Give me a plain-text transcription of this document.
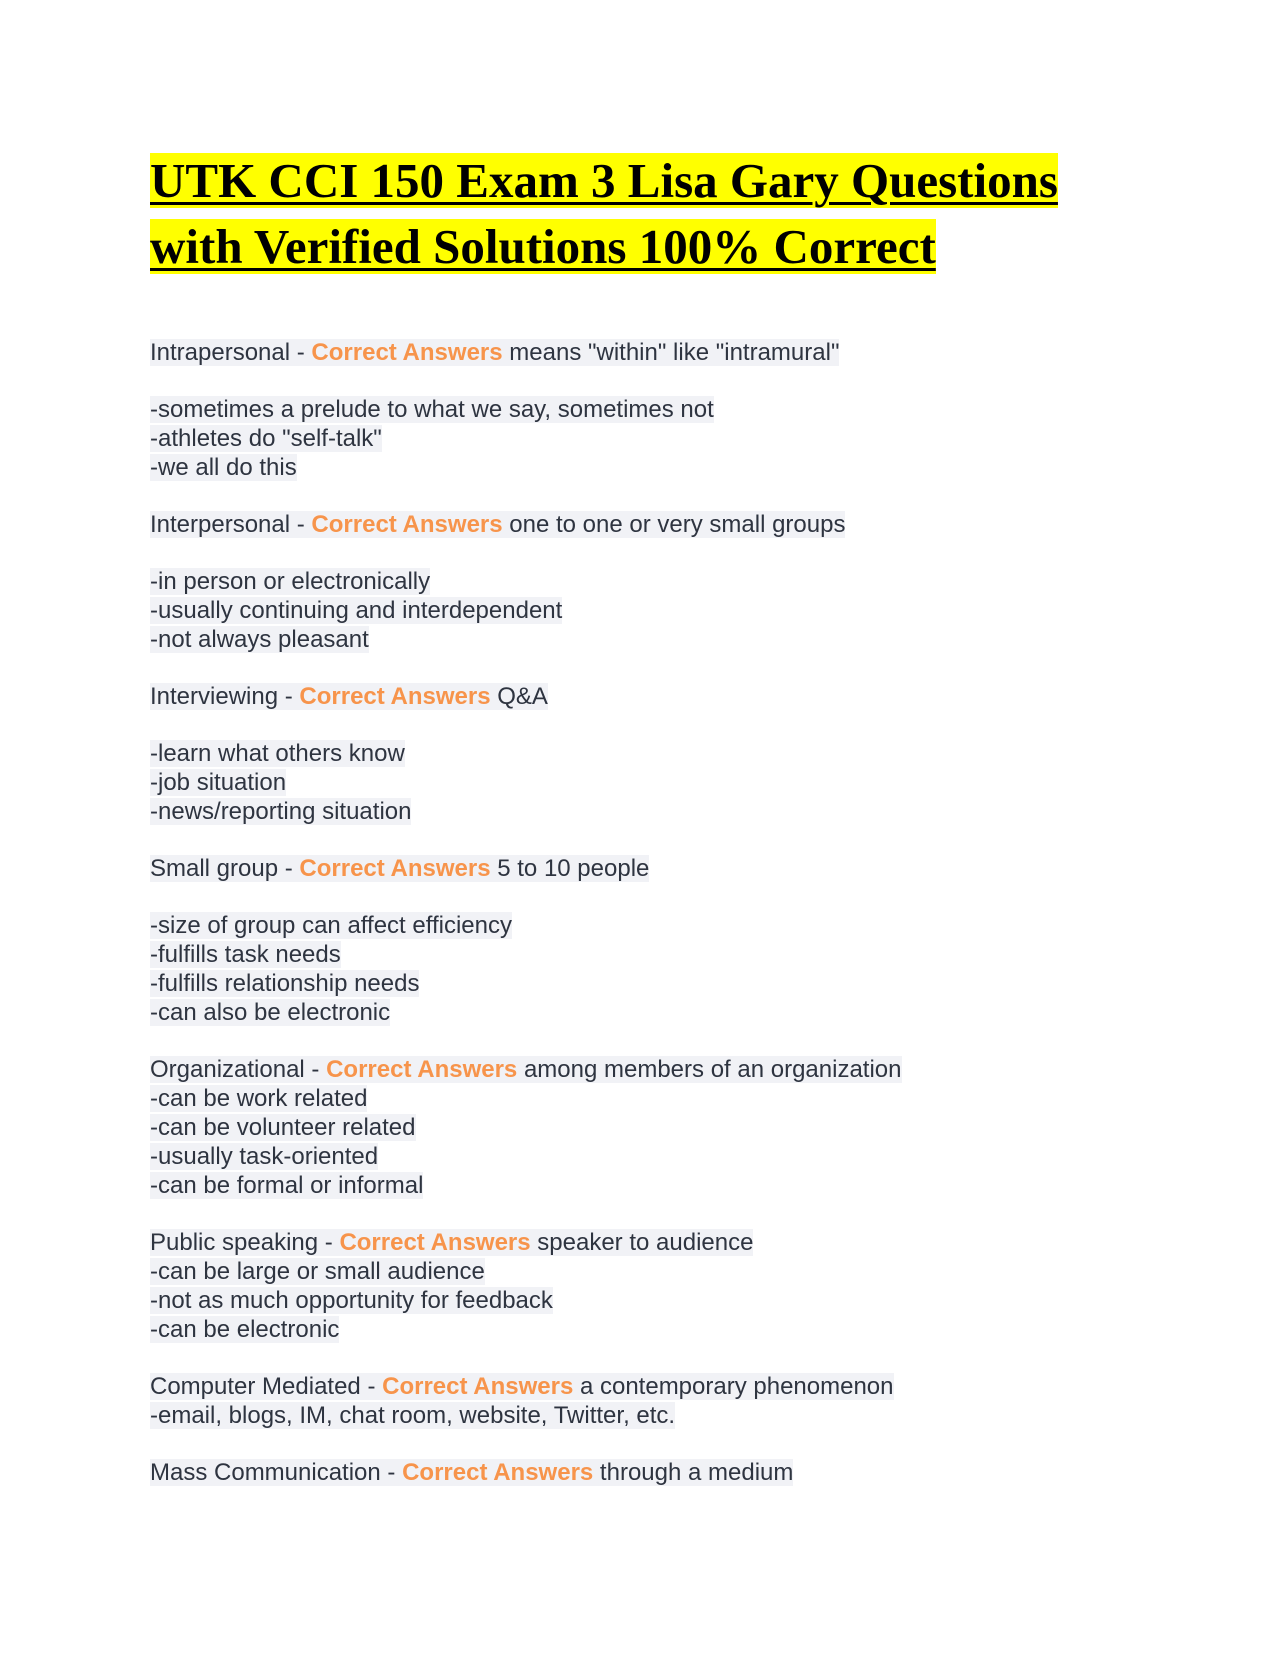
UTK CCI 150 Exam 3 Lisa Gary Questions
with Verified Solutions 100% Correct
Intrapersonal - Correct Answers means "within" like "intramural"
-sometimes a prelude to what we say, sometimes not
-athletes do "self-talk"
-we all do this
Interpersonal - Correct Answers one to one or very small groups
-in person or electronically
-usually continuing and interdependent
-not always pleasant
Interviewing - Correct Answers Q&A
-learn what others know
-job situation
-news/reporting situation
Small group - Correct Answers 5 to 10 people
-size of group can affect efficiency
-fulfills task needs
-fulfills relationship needs
-can also be electronic
Organizational - Correct Answers among members of an organization
-can be work related
-can be volunteer related
-usually task-oriented
-can be formal or informal
Public speaking - Correct Answers speaker to audience
-can be large or small audience
-not as much opportunity for feedback
-can be electronic
Computer Mediated - Correct Answers a contemporary phenomenon
-email, blogs, IM, chat room, website, Twitter, etc.
Mass Communication - Correct Answers through a medium
